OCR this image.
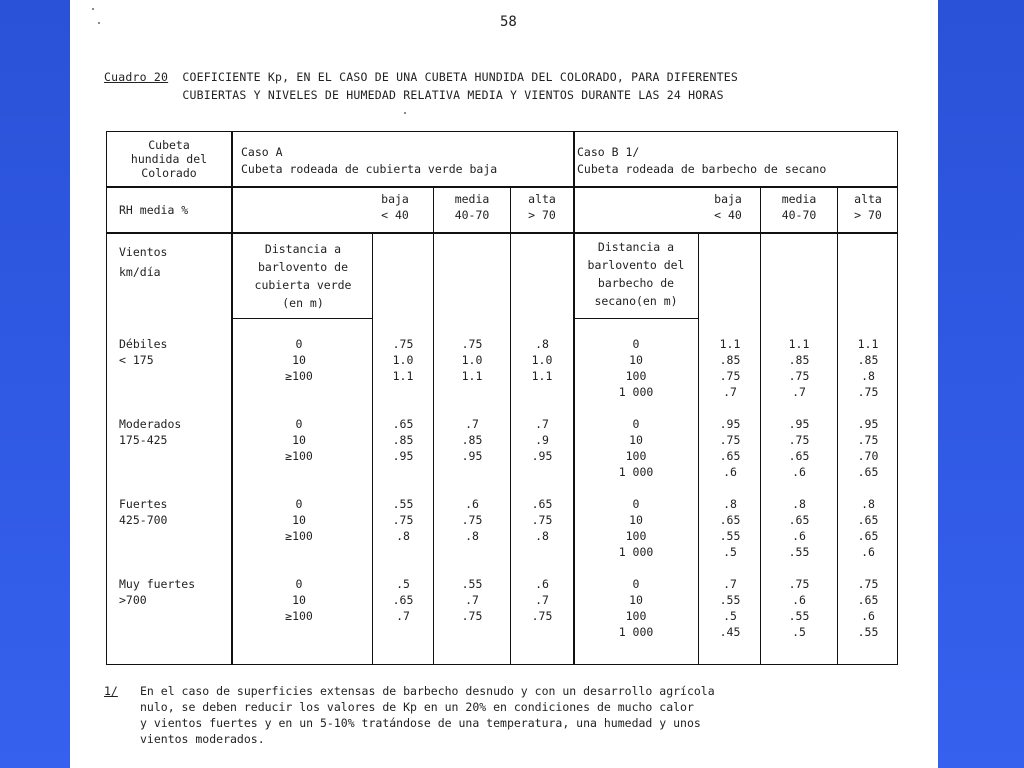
58
Cuadro 20 COEFICIENTE Kp, EN EL CASO DE UNA CUBETA HUNDIDA DEL COLORADO, PARA DIFERENTES
CUBIERTAS Y NIVELES DE HUMEDAD RELATIVA MEDIA Y VIENTOS DURANTE LAS 24 HORAS
Cubeta
hundida del
Colorado
Caso A
Cubeta rodeada de cubierta verde baja
Caso B 1/
Cubeta rodeada de barbecho de secano
RH media %
baja
< 40
media
40-70
alta
> 70
baja
< 40
media
40-70
alta
> 70
Vientos
km/día
Distancia a
barlovento de
cubierta verde
(en m)
Distancia a
barlovento del
barbecho de
secano(en m)
Débiles
< 175
0
10
≥100
.75
1.0
1.1
.75
1.0
1.1
.8
1.0
1.1
0
10
100
1 000
1.1
.85
.75
.7
1.1
.85
.75
.7
1.1
.85
.8
.75
Moderados
175-425
0
10
≥100
.65
.85
.95
.7
.85
.95
.7
.9
.95
0
10
100
1 000
.95
.75
.65
.6
.95
.75
.65
.6
.95
.75
.70
.65
Fuertes
425-700
0
10
≥100
.55
.75
.8
.6
.75
.8
.65
.75
.8
0
10
100
1 000
.8
.65
.55
.5
.8
.65
.6
.55
.8
.65
.65
.6
Muy fuertes
>700
0
10
≥100
.5
.65
.7
.55
.7
.75
.6
.7
.75
0
10
100
1 000
.7
.55
.5
.45
.75
.6
.55
.5
.75
.65
.6
.55
1/ En el caso de superficies extensas de barbecho desnudo y con un desarrollo agrícola
nulo, se deben reducir los valores de Kp en un 20% en condiciones de mucho calor
y vientos fuertes y en un 5-10% tratándose de una temperatura, una humedad y unos
vientos moderados.
